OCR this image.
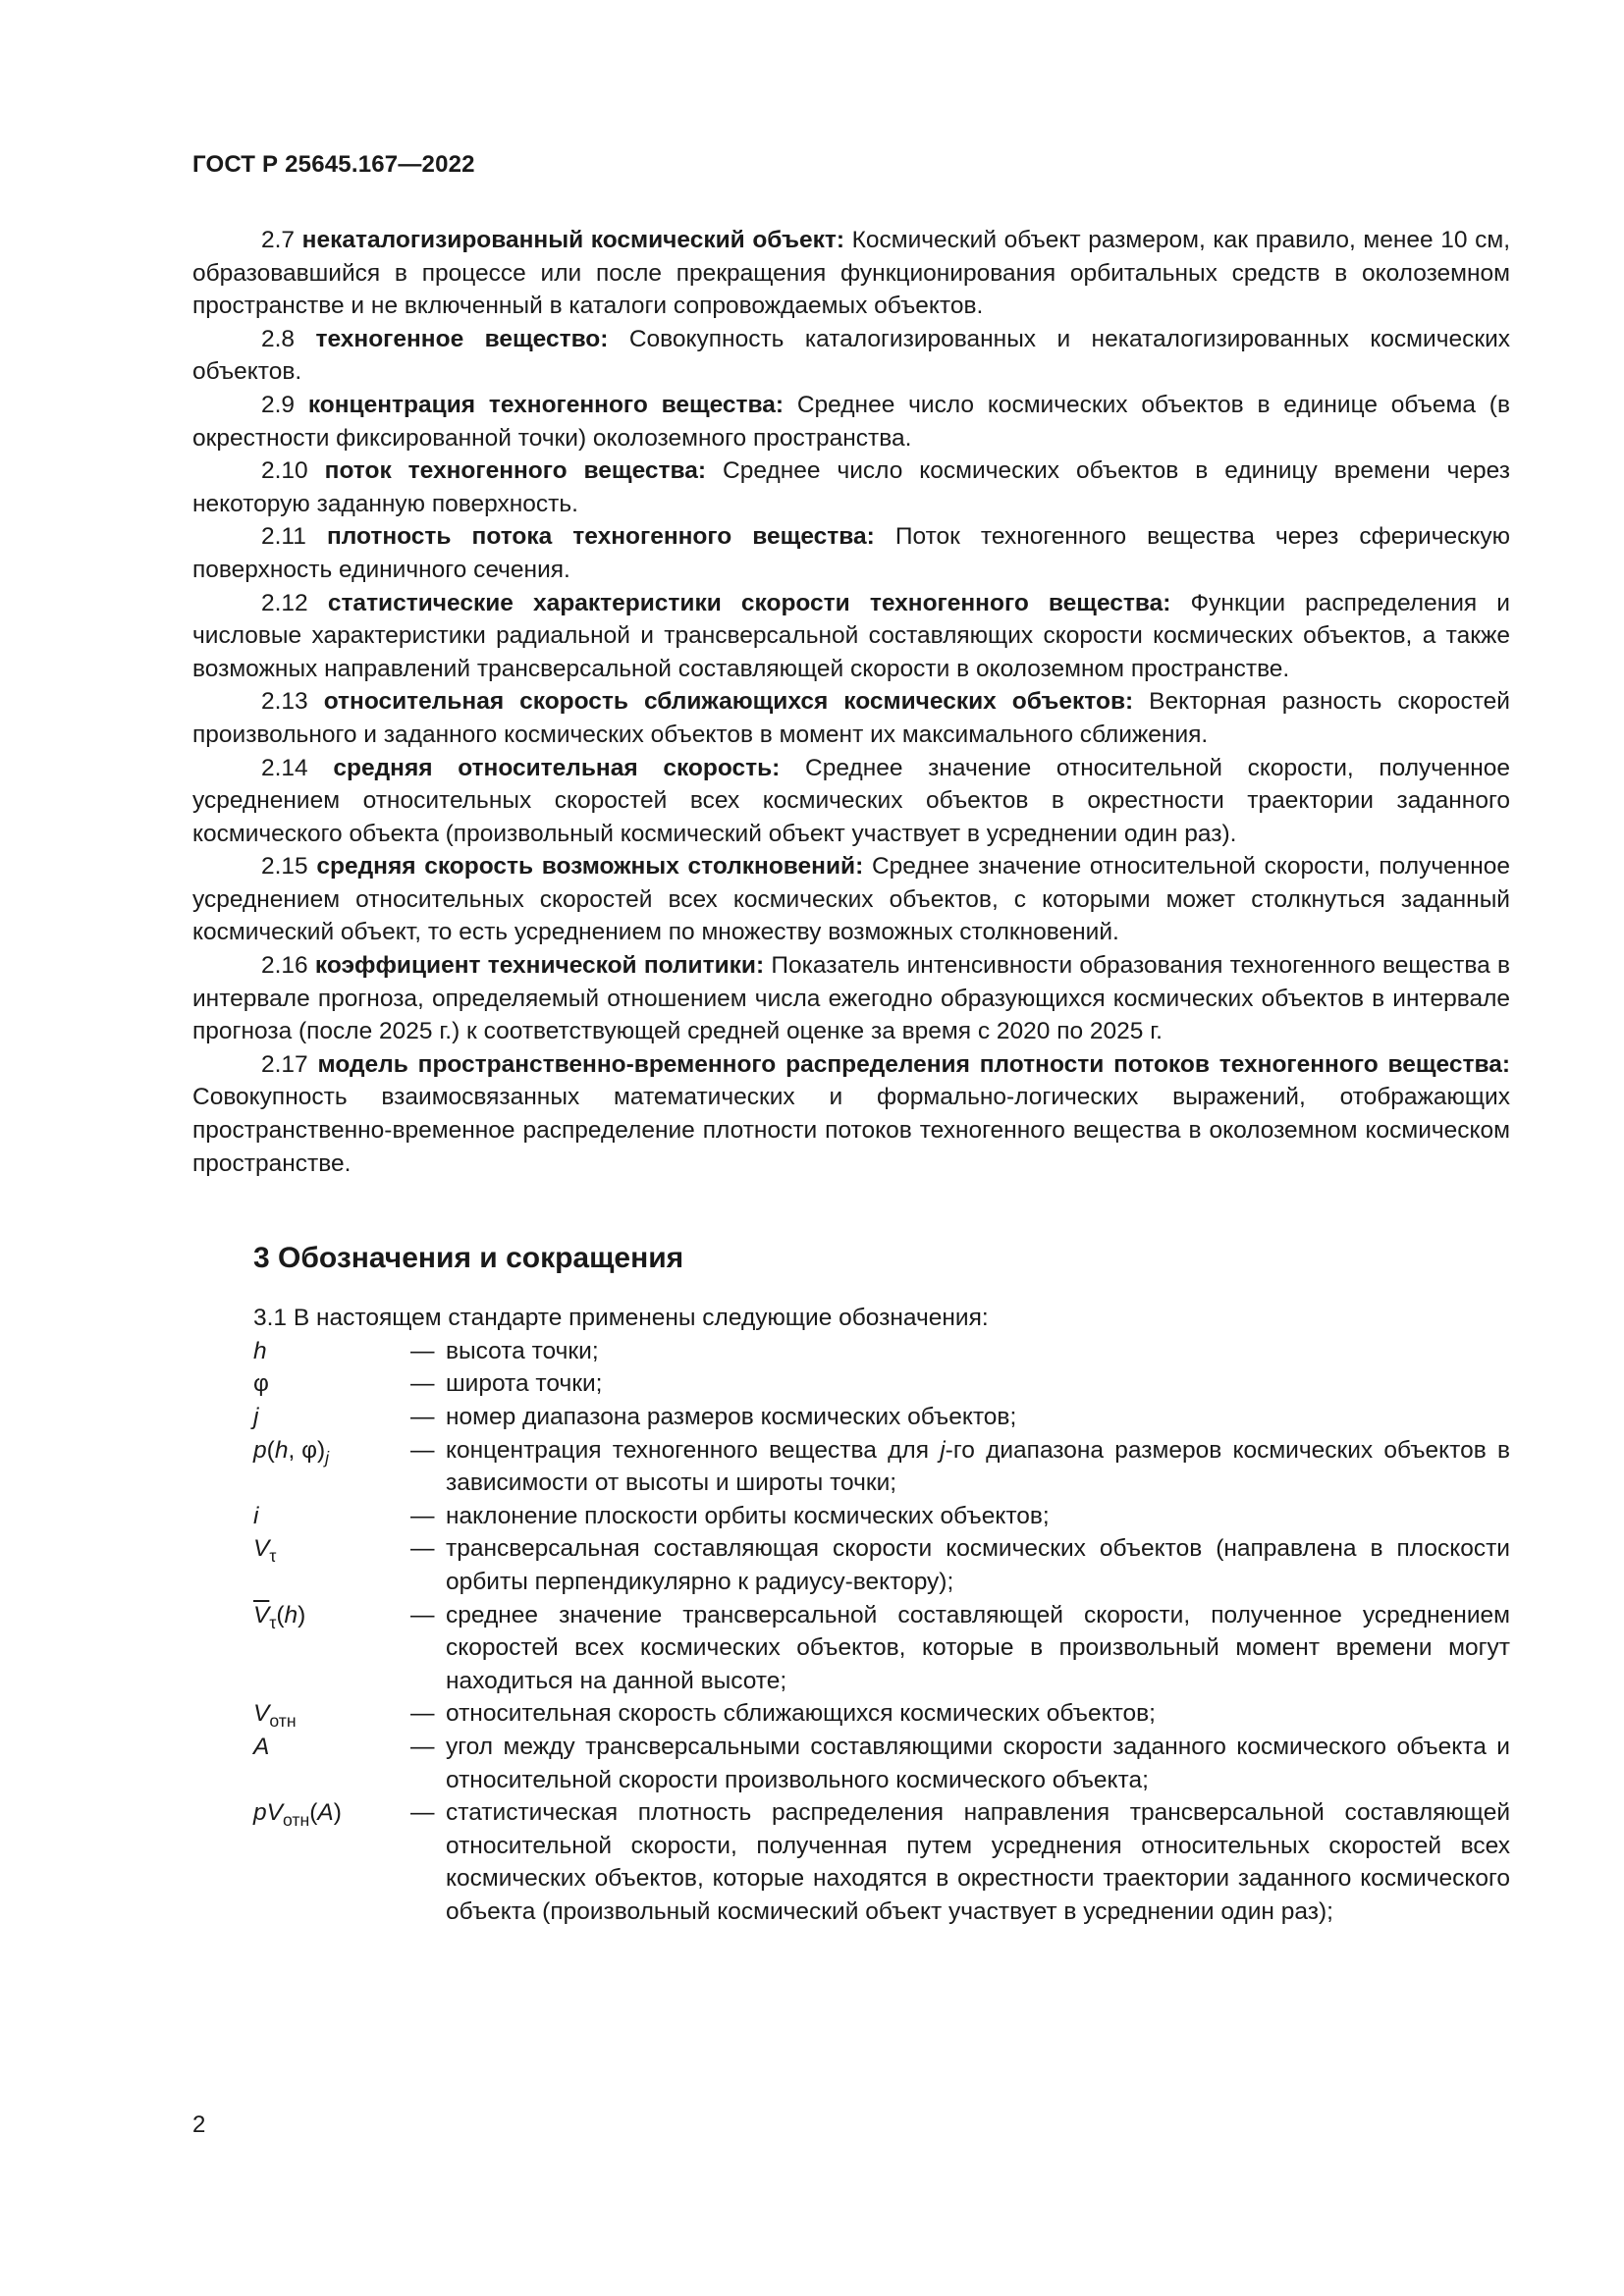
ГОСТ Р 25645.167—2022

2.7 некаталогизированный космический объект: Космический объект размером, как правило, менее 10 см, образовавшийся в процессе или после прекращения функционирования орбитальных средств в околоземном пространстве и не включенный в каталоги сопровождаемых объектов.

2.8 техногенное вещество: Совокупность каталогизированных и некаталогизированных космических объектов.

2.9 концентрация техногенного вещества: Среднее число космических объектов в единице объема (в окрестности фиксированной точки) околоземного пространства.

2.10 поток техногенного вещества: Среднее число космических объектов в единицу времени через некоторую заданную поверхность.

2.11 плотность потока техногенного вещества: Поток техногенного вещества через сферическую поверхность единичного сечения.

2.12 статистические характеристики скорости техногенного вещества: Функции распределения и числовые характеристики радиальной и трансверсальной составляющих скорости космических объектов, а также возможных направлений трансверсальной составляющей скорости в околоземном пространстве.

2.13 относительная скорость сближающихся космических объектов: Векторная разность скоростей произвольного и заданного космических объектов в момент их максимального сближения.

2.14 средняя относительная скорость: Среднее значение относительной скорости, полученное усреднением относительных скоростей всех космических объектов в окрестности траектории заданного космического объекта (произвольный космический объект участвует в усреднении один раз).

2.15 средняя скорость возможных столкновений: Среднее значение относительной скорости, полученное усреднением относительных скоростей всех космических объектов, с которыми может столкнуться заданный космический объект, то есть усреднением по множеству возможных столкновений.

2.16 коэффициент технической политики: Показатель интенсивности образования техногенного вещества в интервале прогноза, определяемый отношением числа ежегодно образующихся космических объектов в интервале прогноза (после 2025 г.) к соответствующей средней оценке за время с 2020 по 2025 г.

2.17 модель пространственно-временного распределения плотности потоков техногенного вещества: Совокупность взаимосвязанных математических и формально-логических выражений, отображающих пространственно-временное распределение плотности потоков техногенного вещества в околоземном космическом пространстве.

3 Обозначения и сокращения
3.1 В настоящем стандарте применены следующие обозначения:
h	— высота точки;
φ	— широта точки;
j	— номер диапазона размеров космических объектов;
p(h, $\varphi)_j$	— концентрация техногенного вещества для j-го диапазона размеров космических объектов в зависимости от высоты и широты точки;
i	— наклонение плоскости орбиты космических объектов;
$V_\tau$	— трансверсальная составляющая скорости космических объектов (направлена в плоскости орбиты перпендикулярно к радиусу-вектору);
$\overline{V}_\tau(h)$	— среднее значение трансверсальной составляющей скорости, полученное усреднением скоростей всех космических объектов, которые в произвольный момент времени могут находиться на данной высоте;
$V_{отн}$	— относительная скорость сближающихся космических объектов;
A	— угол между трансверсальными составляющими скорости заданного космического объекта и относительной скорости произвольного космического объекта;
$pV_{отн}(A)$	— статистическая плотность распределения направления трансверсальной составляющей относительной скорости, полученная путем усреднения относительных скоростей всех космических объектов, которые находятся в окрестности траектории заданного космического объекта (произвольный космический объект участвует в усреднении один раз);
2
